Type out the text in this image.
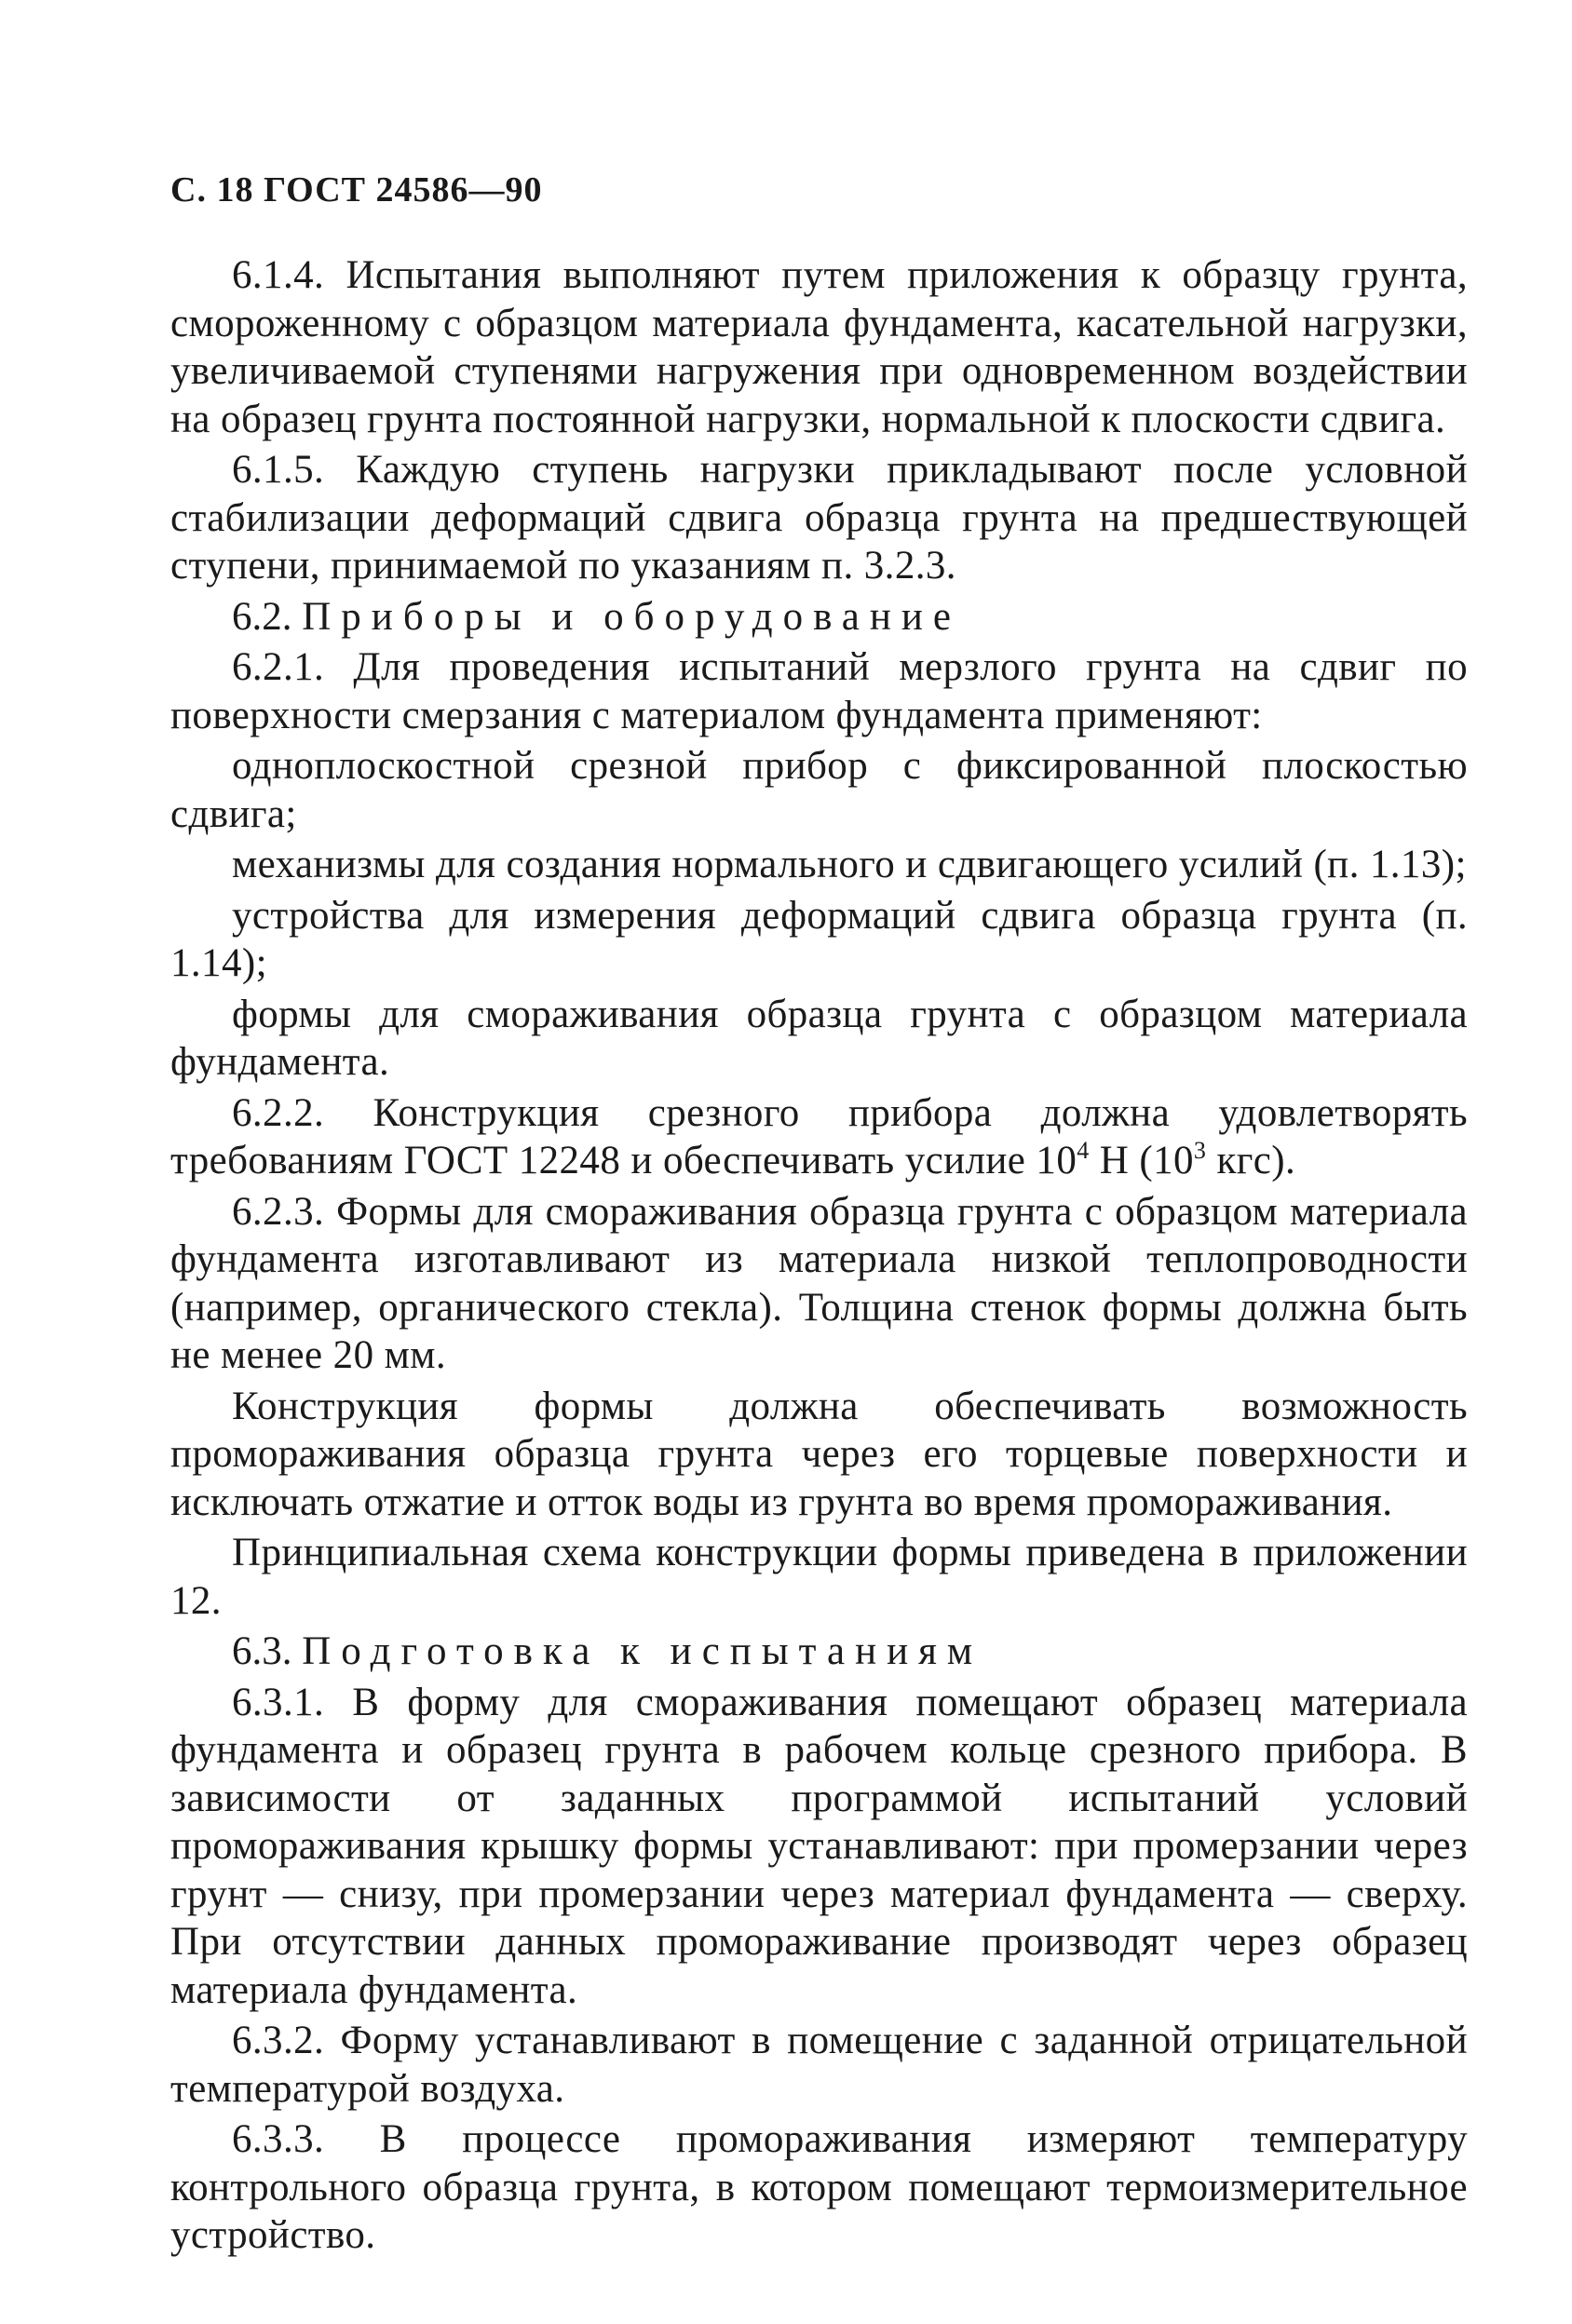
С. 18 ГОСТ 24586—90

6.1.4. Испытания выполняют путем приложения к образцу грунта, смороженному с образцом материала фундамента, касательной нагрузки, увеличиваемой ступенями нагружения при одновременном воздействии на образец грунта постоянной нагрузки, нормальной к плоскости сдвига.

6.1.5. Каждую ступень нагрузки прикладывают после условной стабилизации деформаций сдвига образца грунта на предшествующей ступени, принимаемой по указаниям п. 3.2.3.

6.2. Приборы и оборудование

6.2.1. Для проведения испытаний мерзлого грунта на сдвиг по поверхности смерзания с материалом фундамента применяют:

одноплоскостной срезной прибор с фиксированной плоскостью сдвига;

механизмы для создания нормального и сдвигающего усилий (п. 1.13);

устройства для измерения деформаций сдвига образца грунта (п. 1.14);

формы для смораживания образца грунта с образцом материала фундамента.

6.2.2. Конструкция срезного прибора должна удовлетворять требованиям ГОСТ 12248 и обеспечивать усилие $10^4$ Н ($10^3$ кгс).

6.2.3. Формы для смораживания образца грунта с образцом материала фундамента изготавливают из материала низкой теплопроводности (например, органического стекла). Толщина стенок формы должна быть не менее 20 мм.

Конструкция формы должна обеспечивать возможность промораживания образца грунта через его торцевые поверхности и исключать отжатие и отток воды из грунта во время промораживания.

Принципиальная схема конструкции формы приведена в приложении 12.

6.3. Подготовка к испытаниям

6.3.1. В форму для смораживания помещают образец материала фундамента и образец грунта в рабочем кольце срезного прибора. В зависимости от заданных программой испытаний условий промораживания крышку формы устанавливают: при промерзании через грунт — снизу, при промерзании через материал фундамента — сверху. При отсутствии данных промораживание производят через образец материала фундамента.

6.3.2. Форму устанавливают в помещение с заданной отрицательной температурой воздуха.

6.3.3. В процессе промораживания измеряют температуру контрольного образца грунта, в котором помещают термоизмерительное устройство.
